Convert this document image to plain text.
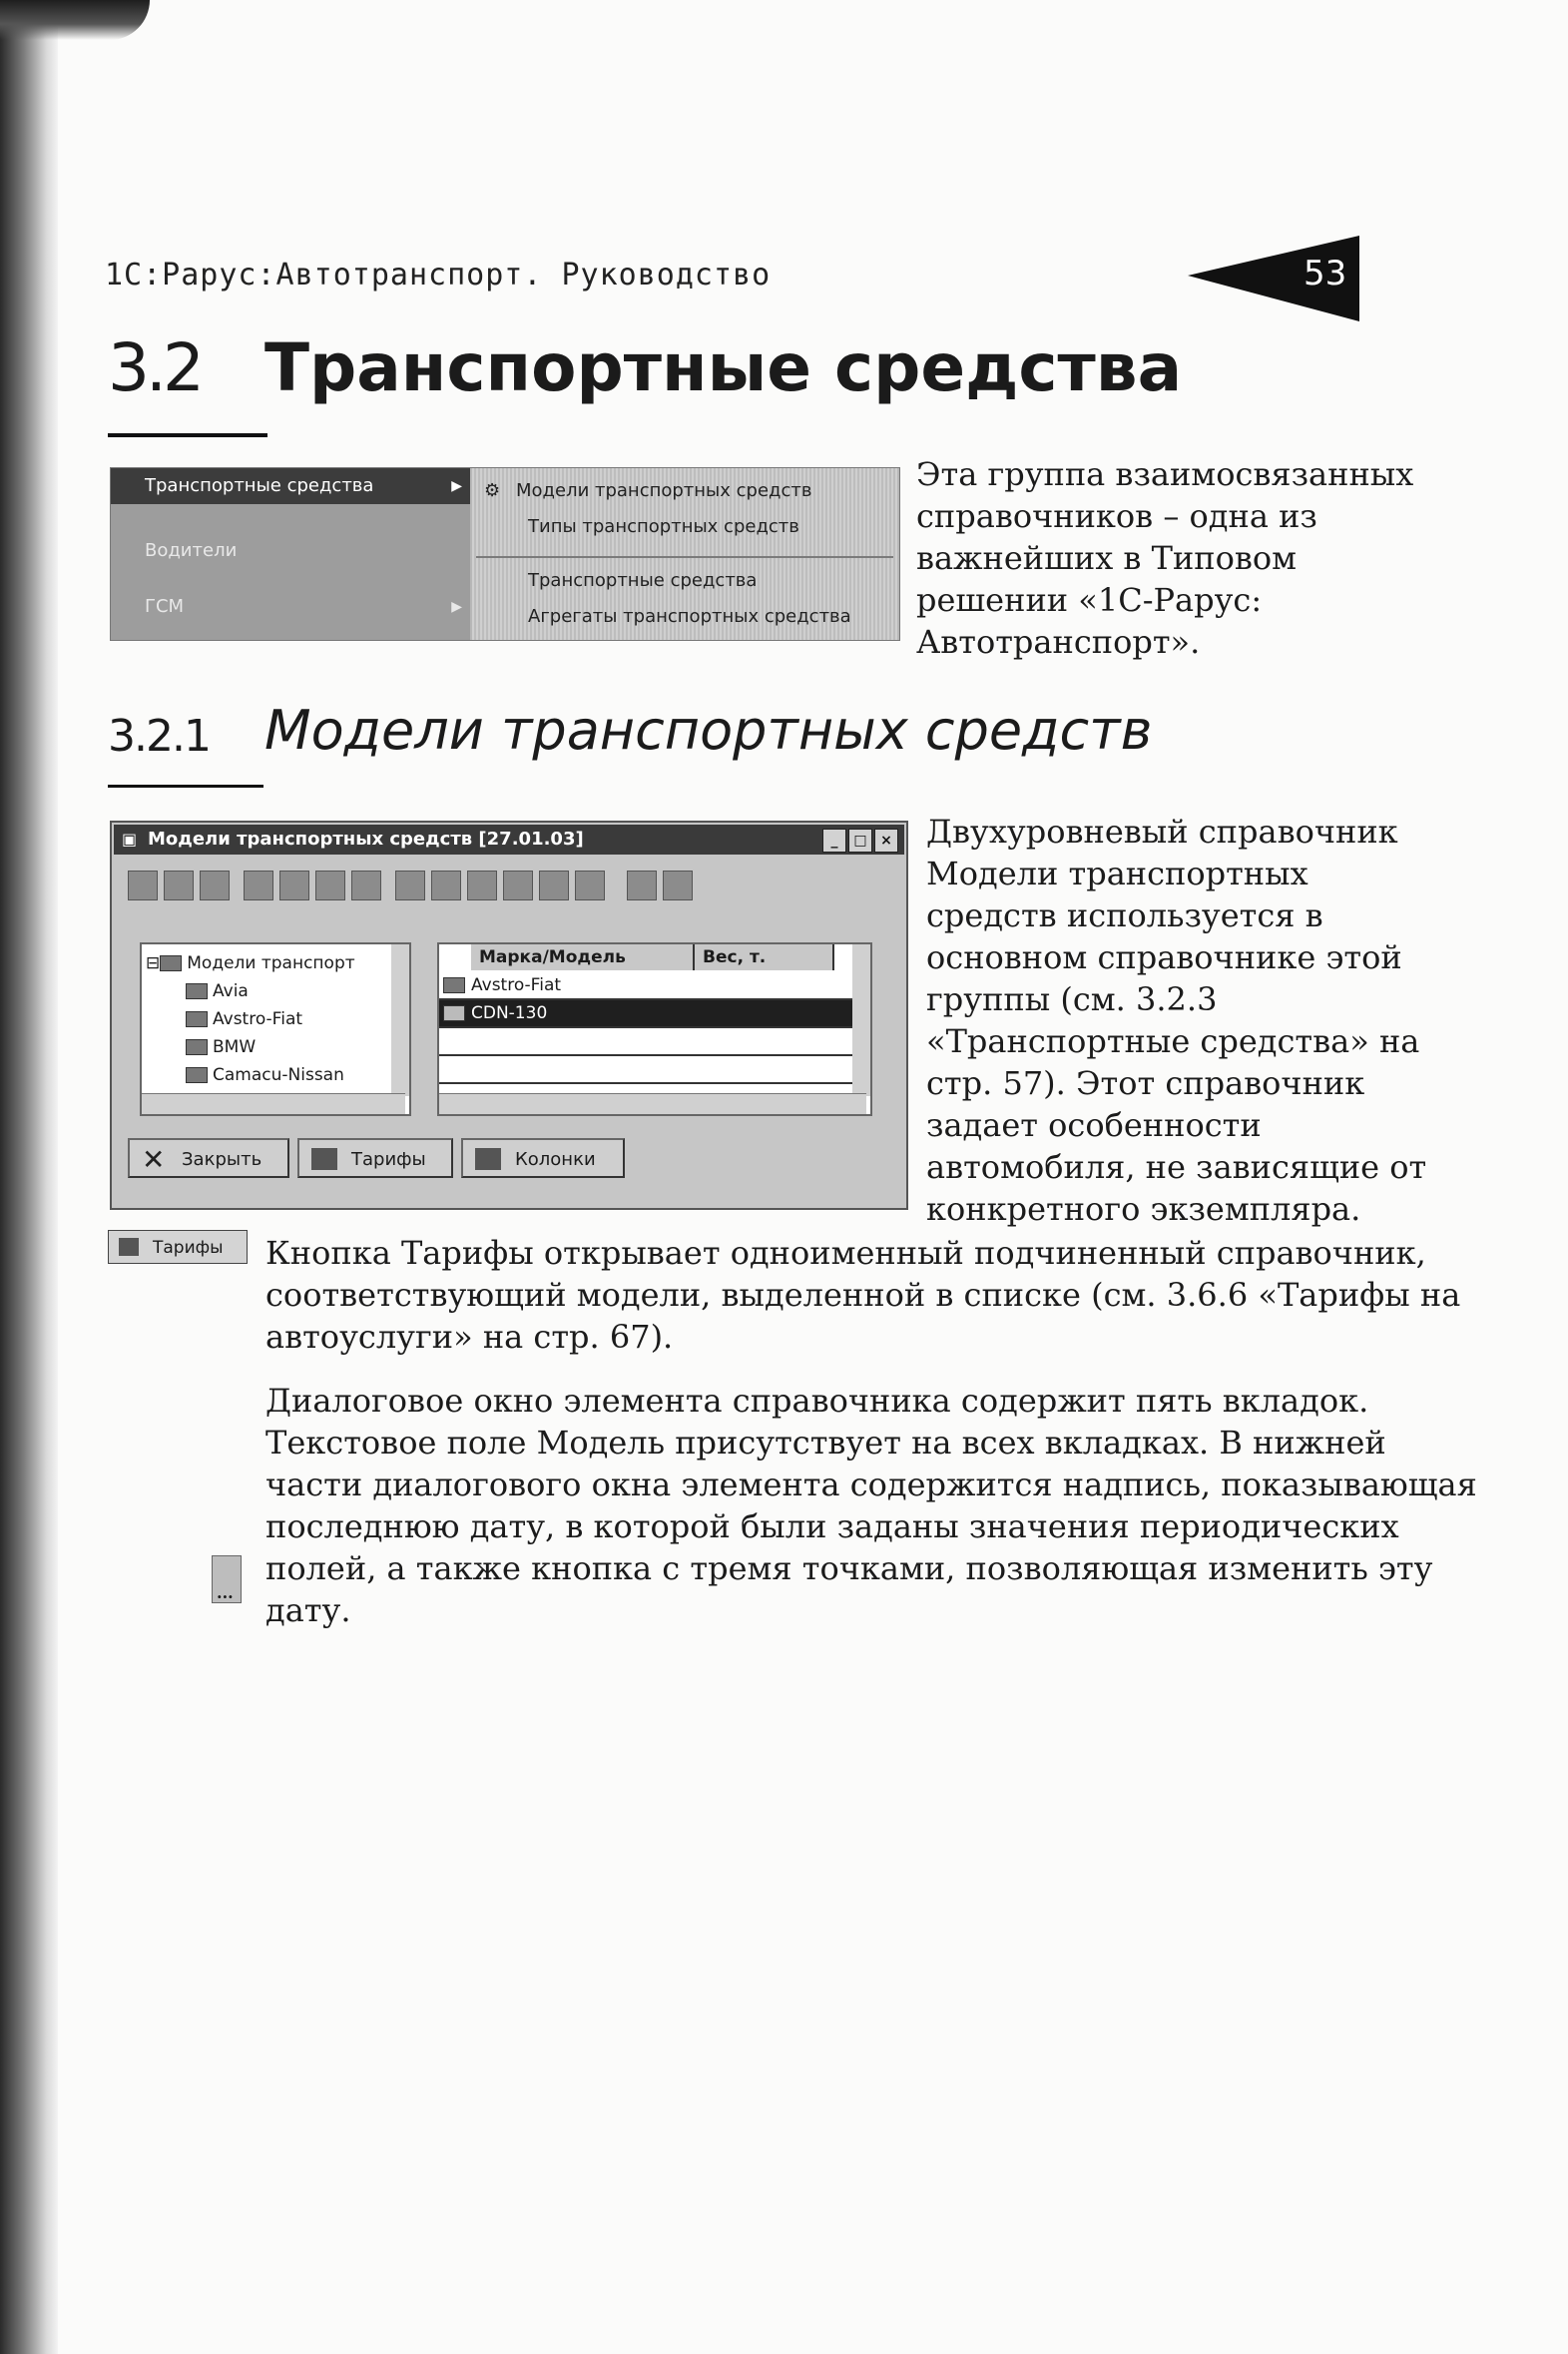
1С:Рарус:Автотранспорт. Руководство	53
3.2 Транспортные средства
Транспортные средства	▶
Водители
ГСМ	▶
⚙ Модели транспортных средств
Типы транспортных средств
Транспортные средства
Агрегаты транспортных средства
Эта группа взаимосвязанных
справочников – одна из
важнейших в Типовом
решении «1С-Рарус:
Автотранспорт».
3.2.1 Модели транспортных средств
▣ Модели транспортных средств [27.01.03]	_	□ ×
⊟ Модели транспорт
Avia
Avstro-Fiat
BMW
Camacu-Nissan
Марка/Модель	Вес, т.
Avstro-Fiat
CDN-130
✕ Закрыть	Тарифы	Колонки
Двухуровневый справочник
Модели транспортных
средств используется в
основном справочнике этой
группы (см. 3.2.3
«Транспортные средства» на
стр. 57). Этот справочник
задает особенности
автомобиля, не зависящие от
конкретного экземпляра.
Тарифы	Кнопка Тарифы открывает одноименный подчиненный справочник,
соответствующий модели, выделенной в списке (см. 3.6.6 «Тарифы на
автоуслуги» на стр. 67).
Диалоговое окно элемента справочника содержит пять вкладок.
Текстовое поле Модель присутствует на всех вкладках. В нижней
части диалогового окна элемента содержится надпись, показывающая
последнюю дату, в которой были заданы значения периодических
полей, а также кнопка с тремя точками, позволяющая изменить эту
дату.
...
